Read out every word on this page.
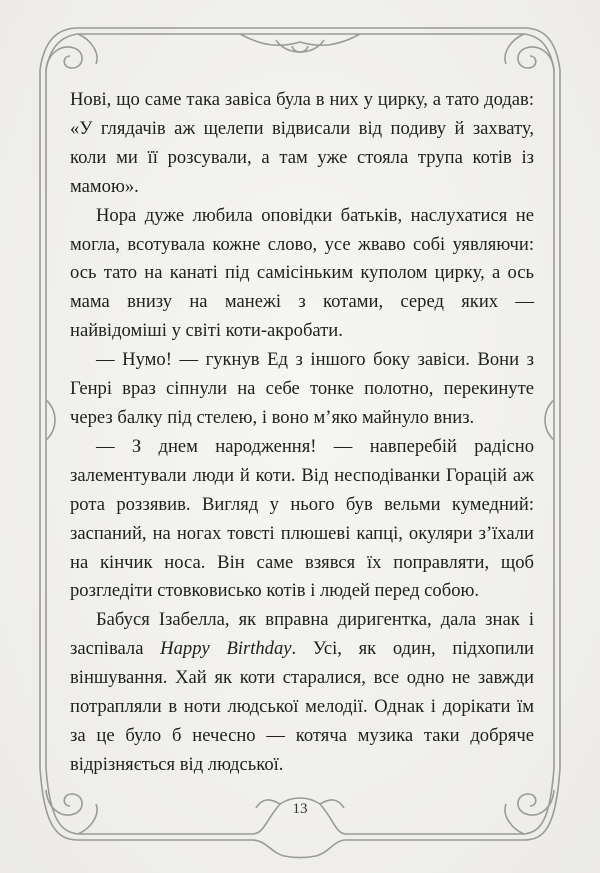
Нові, що саме така завіса була в них у цирку, а тато додав: «У глядачів аж щелепи відвисали від подиву й захвату, коли ми її розсували, а там уже стояла трупа котів із мамою».

Нора дуже любила оповідки батьків, наслухатися не могла, всотувала кожне слово, усе жваво собі уявляючи: ось тато на канаті під самісіньким куполом цирку, а ось мама внизу на манежі з котами, серед яких — найвідоміші у світі коти-акробати.

— Нумо! — гукнув Ед з іншого боку завіси. Вони з Генрі враз сіпнули на себе тонке полотно, перекинуте через балку під стелею, і воно м’яко майнуло вниз.

— З днем народження! — навперебій радісно залементували люди й коти. Від несподіванки Горацій аж рота роззявив. Вигляд у нього був вельми кумедний: заспаний, на ногах товсті плюшеві капці, окуляри з’їхали на кінчик носа. Він саме взявся їх поправляти, щоб розгледіти стовковисько котів і людей перед собою.

Бабуся Ізабелла, як вправна диригентка, дала знак і заспівала Happy Birthday. Усі, як один, підхопили віншування. Хай як коти старалися, все одно не завжди потрапляли в ноти людської мелодії. Однак і дорікати їм за це було б нечесно — котяча музика таки добряче відрізняється від людської.

13
